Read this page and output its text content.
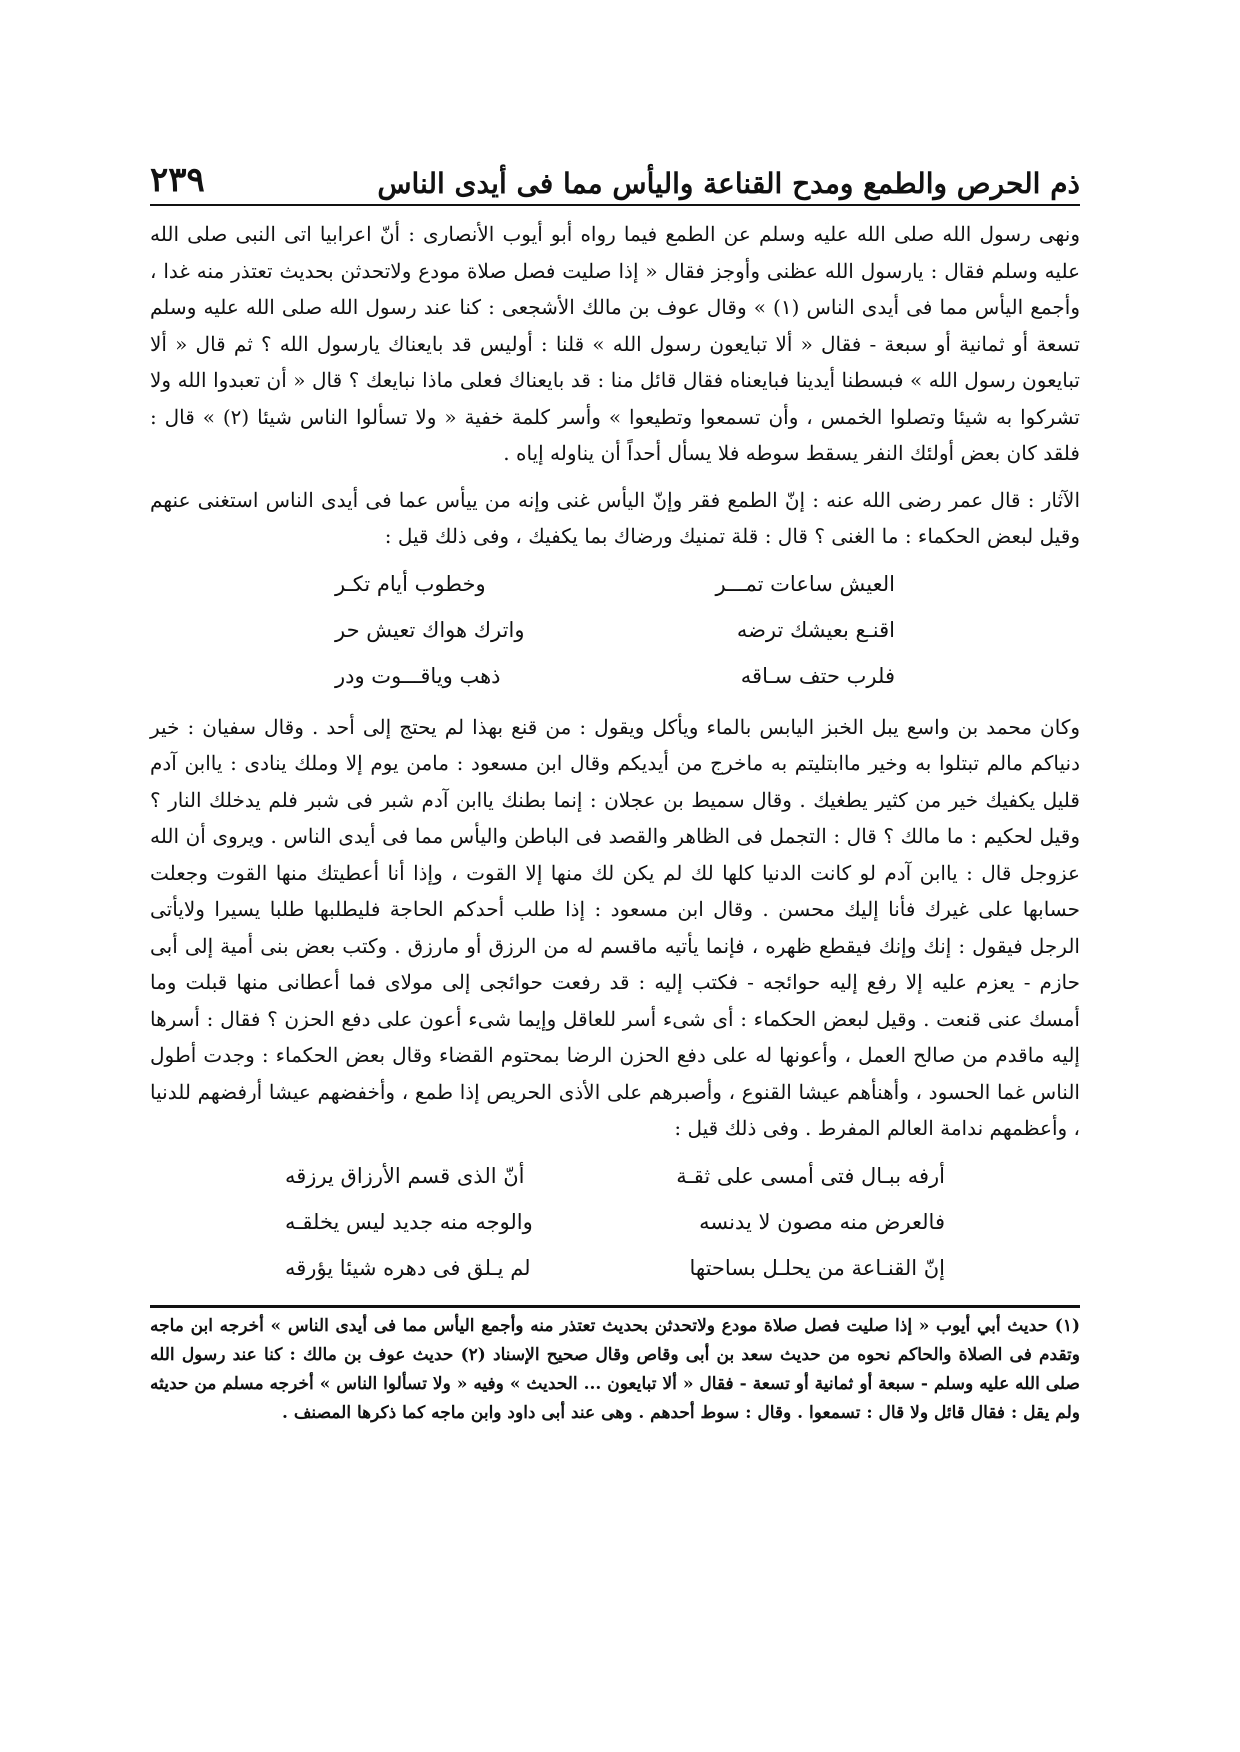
ذم الحرص والطمع ومدح القناعة واليأس مما فى أيدى الناس
٢٣٩

ونهى رسول الله صلى الله عليه وسلم عن الطمع فيما رواه أبو أيوب الأنصارى : أنّ اعرابيا اتى النبى صلى الله عليه وسلم فقال : يارسول الله عظنى وأوجز فقال « إذا صليت فصل صلاة مودع ولاتحدثن بحديث تعتذر منه غدا ، وأجمع اليأس مما فى أيدى الناس (١) » وقال عوف بن مالك الأشجعى : كنا عند رسول الله صلى الله عليه وسلم تسعة أو ثمانية أو سبعة - فقال « ألا تبايعون رسول الله » قلنا : أوليس قد بايعناك يارسول الله ؟ ثم قال « ألا تبايعون رسول الله » فبسطنا أيدينا فبايعناه فقال قائل منا : قد بايعناك فعلى ماذا نبايعك ؟ قال « أن تعبدوا الله ولا تشركوا به شيئا وتصلوا الخمس ، وأن تسمعوا وتطيعوا » وأسر كلمة خفية « ولا تسألوا الناس شيئا (٢) » قال : فلقد كان بعض أولئك النفر يسقط سوطه فلا يسأل أحداً أن يناوله إياه .

الآثار : قال عمر رضى الله عنه : إنّ الطمع فقر وإنّ اليأس غنى وإنه من ييأس عما فى أيدى الناس استغنى عنهم وقيل لبعض الحكماء : ما الغنى ؟ قال : قلة تمنيك ورضاك بما يكفيك ، وفى ذلك قيل :

العيش ساعات تمـــر
وخطوب أيام تكـر
اقنـع بعيشك ترضه
واترك هواك تعيش حر
فلرب حتف سـاقه
ذهب وياقـــوت ودر

وكان محمد بن واسع يبل الخبز اليابس بالماء ويأكل ويقول : من قنع بهذا لم يحتج إلى أحد . وقال سفيان : خير دنياكم مالم تبتلوا به وخير ماابتليتم به ماخرج من أيديكم وقال ابن مسعود : مامن يوم إلا وملك ينادى : ياابن آدم قليل يكفيك خير من كثير يطغيك . وقال سميط بن عجلان : إنما بطنك ياابن آدم شبر فى شبر فلم يدخلك النار ؟ وقيل لحكيم : ما مالك ؟ قال : التجمل فى الظاهر والقصد فى الباطن واليأس مما فى أيدى الناس . ويروى أن الله عزوجل قال : ياابن آدم لو كانت الدنيا كلها لك لم يكن لك منها إلا القوت ، وإذا أنا أعطيتك منها القوت وجعلت حسابها على غيرك فأنا إليك محسن . وقال ابن مسعود : إذا طلب أحدكم الحاجة فليطلبها طلبا يسيرا ولايأتى الرجل فيقول : إنك وإنك فيقطع ظهره ، فإنما يأتيه ماقسم له من الرزق أو مارزق . وكتب بعض بنى أمية إلى أبى حازم - يعزم عليه إلا رفع إليه حوائجه - فكتب إليه : قد رفعت حوائجى إلى مولاى فما أعطانى منها قبلت وما أمسك عنى قنعت . وقيل لبعض الحكماء : أى شىء أسر للعاقل وإيما شىء أعون على دفع الحزن ؟ فقال : أسرها إليه ماقدم من صالح العمل ، وأعونها له على دفع الحزن الرضا بمحتوم القضاء وقال بعض الحكماء : وجدت أطول الناس غما الحسود ، وأهنأهم عيشا القنوع ، وأصبرهم على الأذى الحريص إذا طمع ، وأخفضهم عيشا أرفضهم للدنيا ، وأعظمهم ندامة العالم المفرط . وفى ذلك قيل :

أرفه ببـال فتى أمسى على ثقـة
أنّ الذى قسم الأرزاق يرزقه
فالعرض منه مصون لا يدنسه
والوجه منه جديد ليس يخلقـه
إنّ القنـاعة من يحلـل بساحتها
لم يـلق فى دهره شيئا يؤرقه

(١) حديث أبي أيوب « إذا صليت فصل صلاة مودع ولاتحدثن بحديث تعتذر منه وأجمع اليأس مما فى أيدى الناس » أخرجه ابن ماجه وتقدم فى الصلاة والحاكم نحوه من حديث سعد بن أبى وقاص وقال صحيح الإسناد (٢) حديث عوف بن مالك : كنا عند رسول الله صلى الله عليه وسلم - سبعة أو ثمانية أو تسعة - فقال « ألا تبايعون ... الحديث » وفيه « ولا تسألوا الناس » أخرجه مسلم من حديثه ولم يقل : فقال قائل ولا قال : تسمعوا . وقال : سوط أحدهم . وهى عند أبى داود وابن ماجه كما ذكرها المصنف .
